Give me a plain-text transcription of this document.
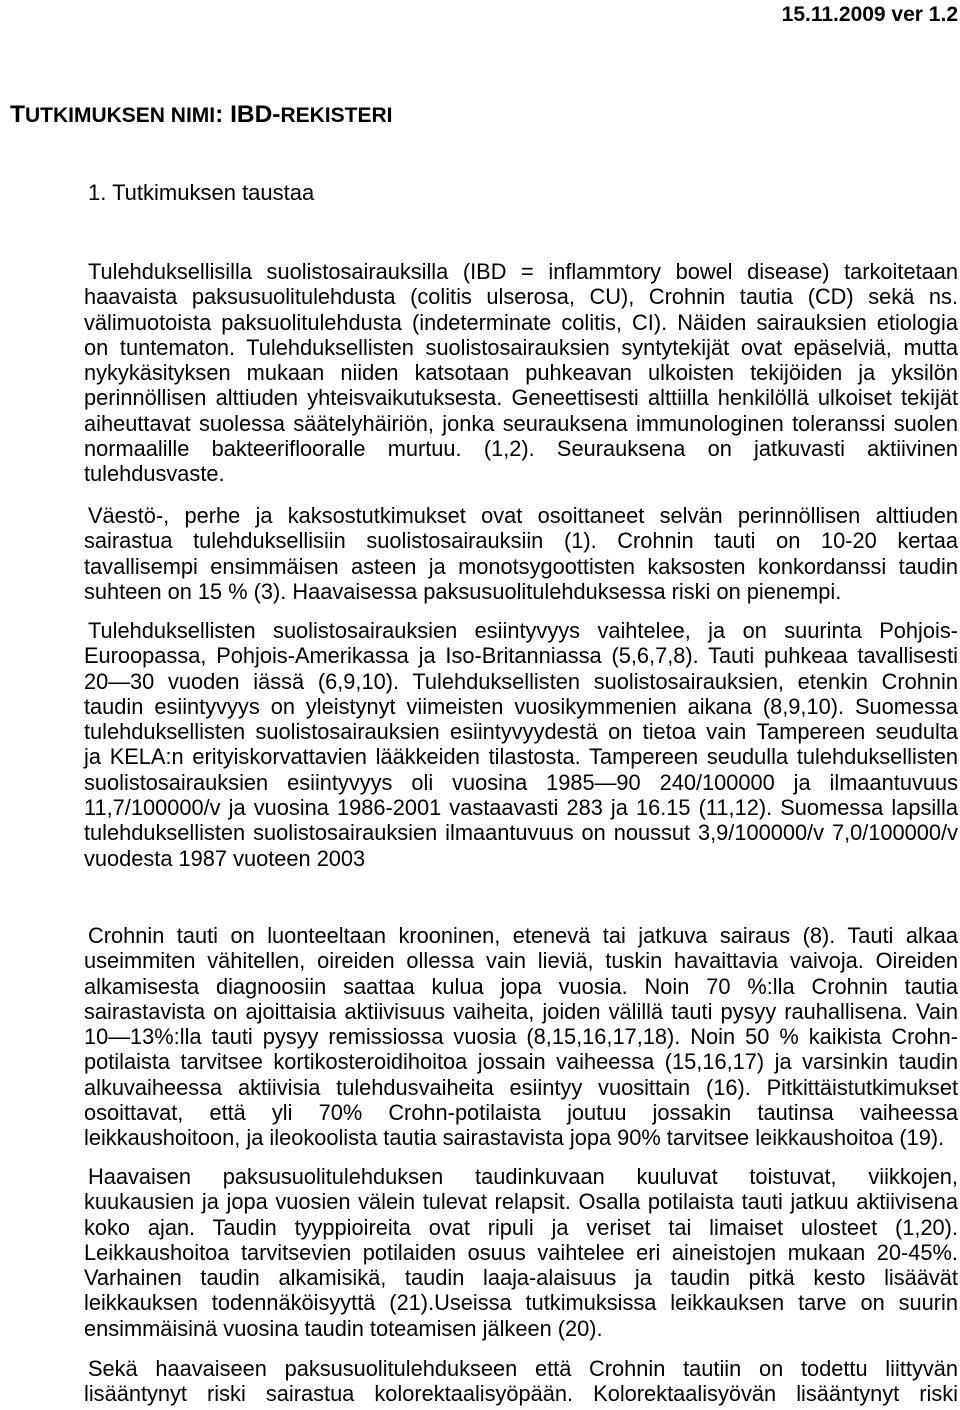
15.11.2009 ver 1.2
TUTKIMUKSEN NIMI: IBD-REKISTERI
1. Tutkimuksen taustaa
Tulehduksellisilla suolistosairauksilla (IBD = inflammtory bowel disease) tarkoitetaan
haavaista paksusuolitulehdusta (colitis ulserosa, CU), Crohnin tautia (CD) sekä ns.
välimuotoista paksuolitulehdusta (indeterminate colitis, CI). Näiden sairauksien etiologia
on tuntematon. Tulehduksellisten suolistosairauksien syntytekijät ovat epäselviä, mutta
nykykäsityksen mukaan niiden katsotaan puhkeavan ulkoisten tekijöiden ja yksilön
perinnöllisen alttiuden yhteisvaikutuksesta. Geneettisesti alttiilla henkilöllä ulkoiset tekijät
aiheuttavat suolessa säätelyhäiriön, jonka seurauksena immunologinen toleranssi suolen
normaalille bakteeriflooralle murtuu. (1,2). Seurauksena on jatkuvasti aktiivinen
tulehdusvaste.
Väestö-, perhe ja kaksostutkimukset ovat osoittaneet selvän perinnöllisen alttiuden
sairastua tulehduksellisiin suolistosairauksiin (1). Crohnin tauti on 10-20 kertaa
tavallisempi ensimmäisen asteen ja monotsygoottisten kaksosten konkordanssi taudin
suhteen on 15 % (3). Haavaisessa paksusuolitulehduksessa riski on pienempi.
Tulehduksellisten suolistosairauksien esiintyvyys vaihtelee, ja on suurinta Pohjois-
Euroopassa, Pohjois-Amerikassa ja Iso-Britanniassa (5,6,7,8). Tauti puhkeaa tavallisesti
20—30 vuoden iässä (6,9,10). Tulehduksellisten suolistosairauksien, etenkin Crohnin
taudin esiintyvyys on yleistynyt viimeisten vuosikymmenien aikana (8,9,10). Suomessa
tulehduksellisten suolistosairauksien esiintyvyydestä on tietoa vain Tampereen seudulta
ja KELA:n erityiskorvattavien lääkkeiden tilastosta. Tampereen seudulla tulehduksellisten
suolistosairauksien esiintyvyys oli vuosina 1985—90 240/100000 ja ilmaantuvuus
11,7/100000/v ja vuosina 1986-2001 vastaavasti 283 ja 16.15 (11,12). Suomessa lapsilla
tulehduksellisten suolistosairauksien ilmaantuvuus on noussut 3,9/100000/v 7,0/100000/v
vuodesta 1987 vuoteen 2003
Crohnin tauti on luonteeltaan krooninen, etenevä tai jatkuva sairaus (8). Tauti alkaa
useimmiten vähitellen, oireiden ollessa vain lieviä, tuskin havaittavia vaivoja. Oireiden
alkamisesta diagnoosiin saattaa kulua jopa vuosia. Noin 70 %:lla Crohnin tautia
sairastavista on ajoittaisia aktiivisuus vaiheita, joiden välillä tauti pysyy rauhallisena. Vain
10—13%:lla tauti pysyy remissiossa vuosia (8,15,16,17,18). Noin 50 % kaikista Crohn-
potilaista tarvitsee kortikosteroidihoitoa jossain vaiheessa (15,16,17) ja varsinkin taudin
alkuvaiheessa aktiivisia tulehdusvaiheita esiintyy vuosittain (16). Pitkittäistutkimukset
osoittavat, että yli 70% Crohn-potilaista joutuu jossakin tautinsa vaiheessa
leikkaushoitoon, ja ileokoolista tautia sairastavista jopa 90% tarvitsee leikkaushoitoa (19).
Haavaisen paksusuolitulehduksen taudinkuvaan kuuluvat toistuvat, viikkojen,
kuukausien ja jopa vuosien välein tulevat relapsit. Osalla potilaista tauti jatkuu aktiivisena
koko ajan. Taudin tyyppioireita ovat ripuli ja veriset tai limaiset ulosteet (1,20).
Leikkaushoitoa tarvitsevien potilaiden osuus vaihtelee eri aineistojen mukaan 20-45%.
Varhainen taudin alkamisikä, taudin laaja-alaisuus ja taudin pitkä kesto lisäävät
leikkauksen todennäköisyyttä (21).Useissa tutkimuksissa leikkauksen tarve on suurin
ensimmäisinä vuosina taudin toteamisen jälkeen (20).
Sekä haavaiseen paksusuolitulehdukseen että Crohnin tautiin on todettu liittyvän
lisääntynyt riski sairastua kolorektaalisyöpään. Kolorektaalisyövän lisääntynyt riski
